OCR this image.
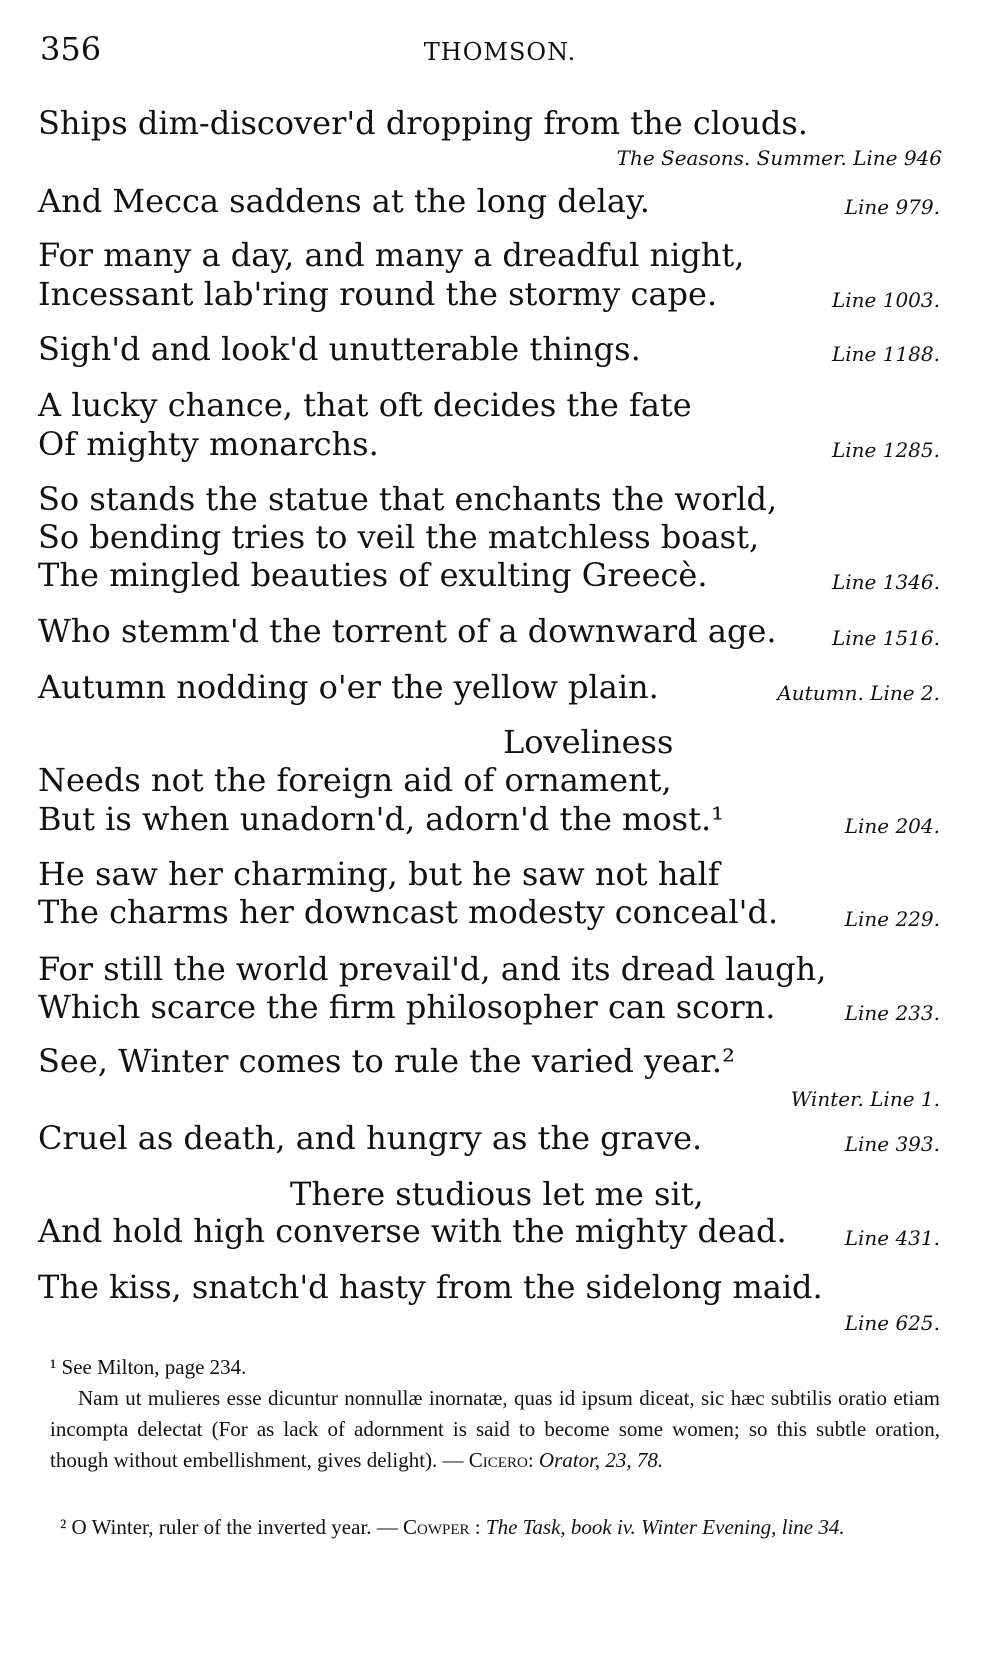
356	THOMSON.
Ships dim-discover'd dropping from the clouds.
The Seasons. Summer. Line 946
And Mecca saddens at the long delay.	Line 979.
For many a day, and many a dreadful night,
Incessant lab'ring round the stormy cape.	Line 1003.
Sigh'd and look'd unutterable things.	Line 1188.
A lucky chance, that oft decides the fate
Of mighty monarchs.	Line 1285.
So stands the statue that enchants the world,
So bending tries to veil the matchless boast,
The mingled beauties of exulting Greecè.	Line 1346.
Who stemm'd the torrent of a downward age.	Line 1516.
Autumn nodding o'er the yellow plain.	Autumn. Line 2.
Loveliness
Needs not the foreign aid of ornament,
But is when unadorn'd, adorn'd the most.¹	Line 204.
He saw her charming, but he saw not half
The charms her downcast modesty conceal'd.	Line 229.
For still the world prevail'd, and its dread laugh,
Which scarce the firm philosopher can scorn.	Line 233.
See, Winter comes to rule the varied year.²
Winter. Line 1.
Cruel as death, and hungry as the grave.	Line 393.
There studious let me sit,
And hold high converse with the mighty dead.	Line 431.
The kiss, snatch'd hasty from the sidelong maid.
Line 625.
¹ See Milton, page 234.
Nam ut mulieres esse dicuntur nonnullæ inornatæ, quas id ipsum diceat, sic hæc subtilis oratio etiam incompta delectat (For as lack of adornment is said to become some women; so this subtle oration, though without embellishment, gives delight). — Cicero: Orator, 23, 78.
² O Winter, ruler of the inverted year. — Cowper : The Task, book iv. Winter Evening, line 34.
